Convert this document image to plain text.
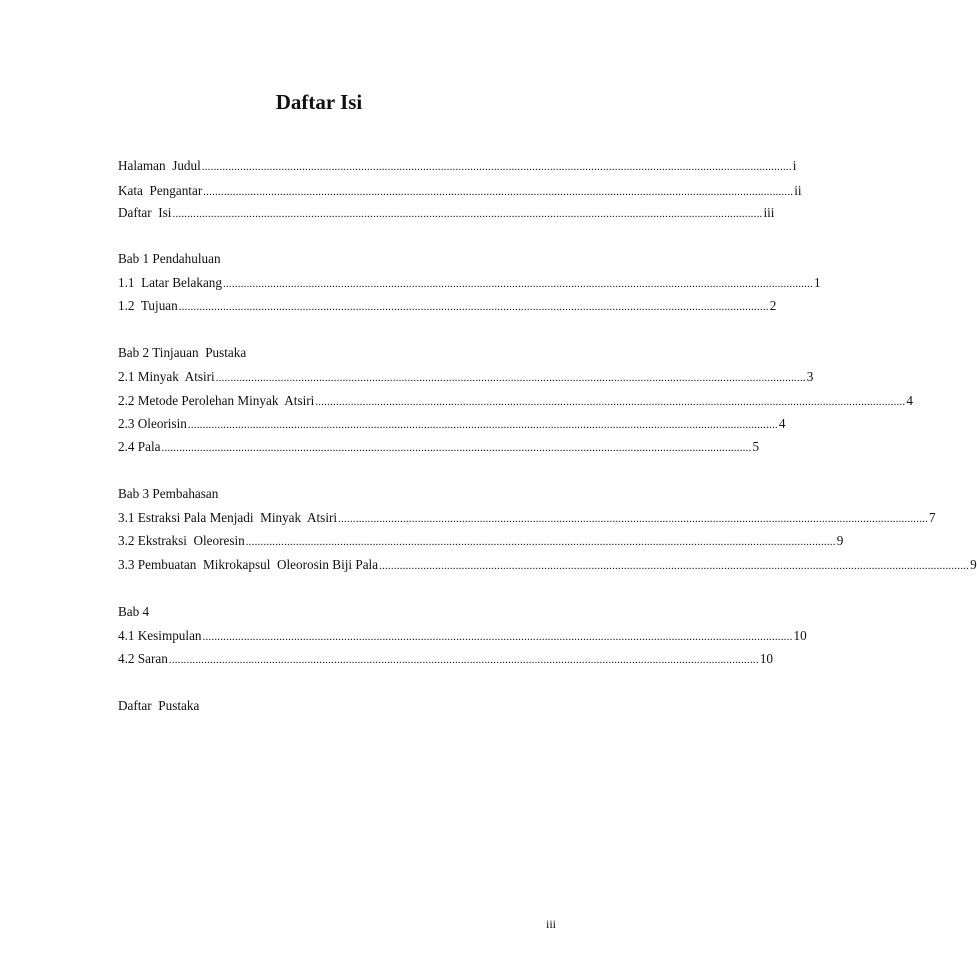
Daftar Isi
Halaman  Judul ........................................................................................................................................................................................................ i
Kata  Pengantar ........................................................................................................................................................................................................ ii
Daftar  Isi ........................................................................................................................................................................................................ iii
Bab 1 Pendahuluan
1.1  Latar Belakang ........................................................................................................................................................................................................ 1
1.2  Tujuan ........................................................................................................................................................................................................ 2
Bab 2 Tinjauan  Pustaka
2.1 Minyak  Atsiri ........................................................................................................................................................................................................ 3
2.2 Metode Perolehan Minyak  Atsiri ........................................................................................................................................................................................................ 4
2.3 Oleorisin ........................................................................................................................................................................................................ 4
2.4 Pala ........................................................................................................................................................................................................ 5
Bab 3 Pembahasan
3.1 Estraksi Pala Menjadi  Minyak  Atsiri ........................................................................................................................................................................................................ 7
3.2 Ekstraksi  Oleoresin ........................................................................................................................................................................................................ 9
3.3 Pembuatan  Mikrokapsul  Oleorosin Biji Pala ........................................................................................................................................................................................................ 9
Bab 4
4.1 Kesimpulan ........................................................................................................................................................................................................ 10
4.2 Saran ........................................................................................................................................................................................................ 10
Daftar  Pustaka
iii
